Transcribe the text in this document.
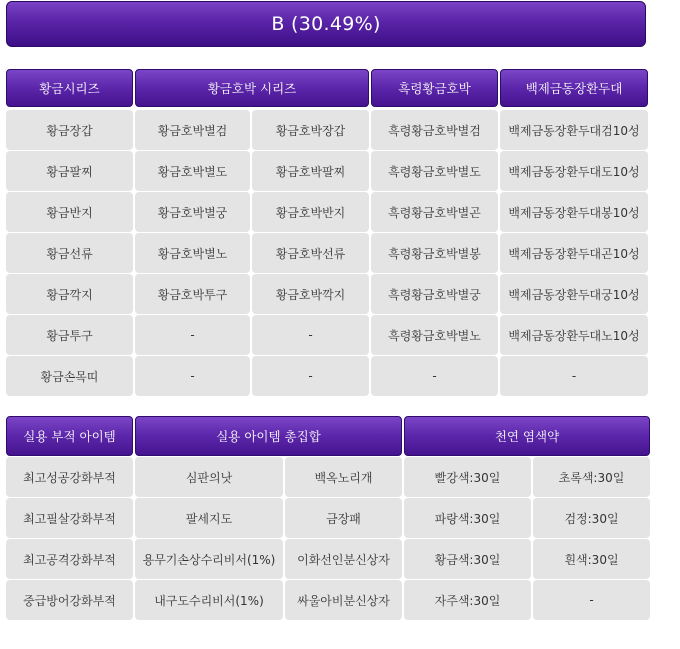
B (30.49%)
황금시리즈	황금호박 시리즈	흑령황금호박	백제금동장환두대
황금장갑	황금호박별검	황금호박장갑	흑령황금호박별검	백제금동장환두대검10성
황금팔찌	황금호박별도	황금호박팔찌	흑령황금호박별도	백제금동장환두대도10성
황금반지	황금호박별궁	황금호박반지	흑령황금호박별곤	백제금동장환두대봉10성
황금선류	황금호박별노	황금호박선류	흑령황금호박별봉	백제금동장환두대곤10성
황금깍지	황금호박투구	황금호박깍지	흑령황금호박별궁	백제금동장환두대궁10성
황금투구	-	-	흑령황금호박별노	백제금동장환두대노10성
황금손목띠	-	-	-	-
실용 부적 아이템	실용 아이템 총집합	천연 염색약
최고성공강화부적	심판의낫	백옥노리개	빨강색:30일	초록색:30일
최고필살강화부적	팔세지도	금장패	파랑색:30일	검정:30일
최고공격강화부적	용무기손상수리비서(1%)	이화선인분신상자	황금색:30일	흰색:30일
중급방어강화부적	내구도수리비서(1%)	싸울아비분신상자	자주색:30일	-
